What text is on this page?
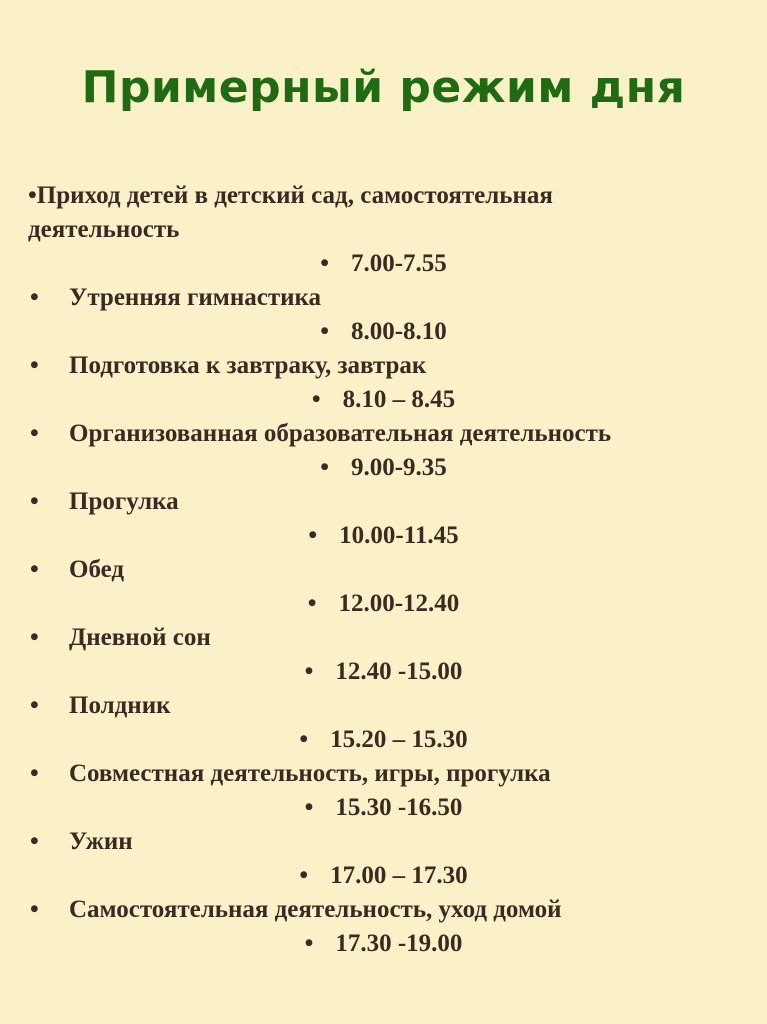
Примерный режим дня
•Приход детей в детский сад, самостоятельная деятельность
• 7.00-7.55
• Утренняя гимнастика
• 8.00-8.10
• Подготовка к завтраку, завтрак
• 8.10 – 8.45
• Организованная образовательная деятельность
• 9.00-9.35
• Прогулка
• 10.00-11.45
• Обед
• 12.00-12.40
• Дневной сон
• 12.40 -15.00
• Полдник
• 15.20 – 15.30
• Совместная деятельность, игры, прогулка
• 15.30 -16.50
• Ужин
• 17.00 – 17.30
• Самостоятельная деятельность, уход домой
• 17.30 -19.00
